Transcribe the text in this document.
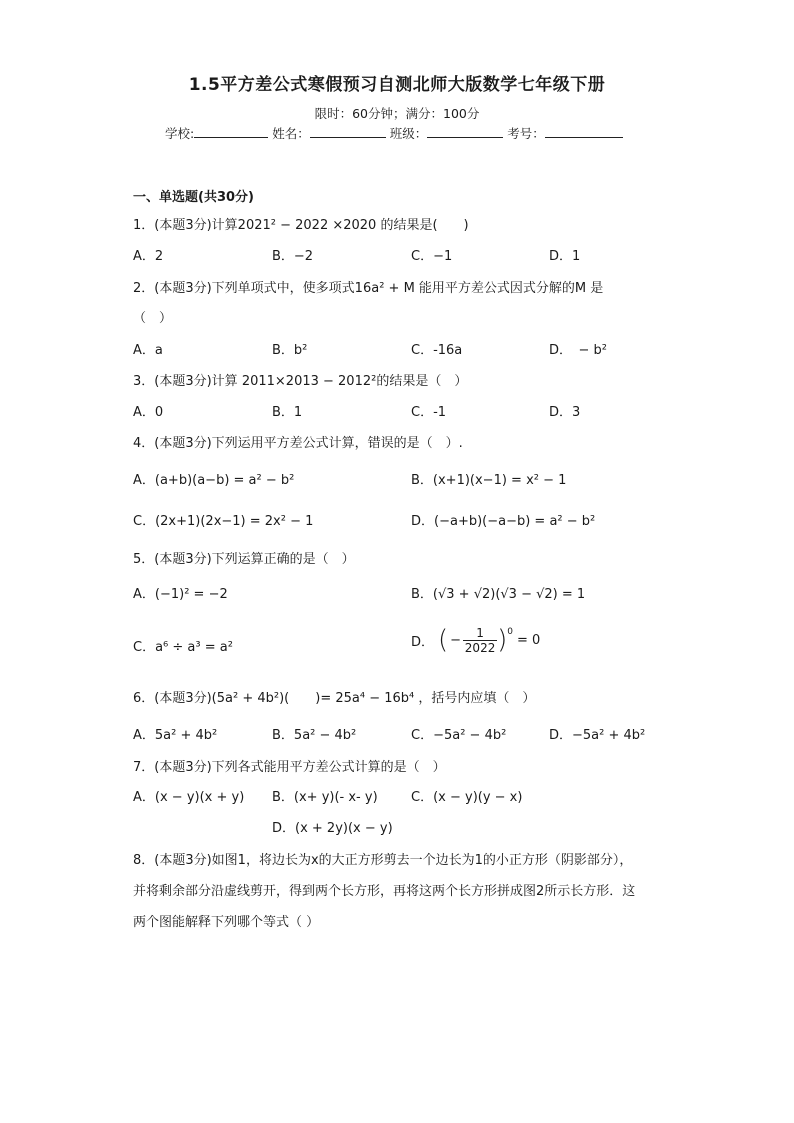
1.5平方差公式寒假预习自测北师大版数学七年级下册
限时：60分钟；满分：100分
学校:	姓名：	班级：	考号：
一、单选题(共30分)
1．(本题3分)计算2021² − 2022 ×2020 的结果是(　　)
A．2	B．−2	C．−1	D．1
2．(本题3分)下列单项式中，使多项式16a² + M 能用平方差公式因式分解的M 是
（　）
A．a	B．b²	C．-16a	D．　− b²
3．(本题3分)计算 2011×2013 − 2012²的结果是（　）
A．0	B．1	C．-1	D．3
4．(本题3分)下列运用平方差公式计算，错误的是（　）.
A．(a+b)(a−b) = a² − b²	B．(x+1)(x−1) = x² − 1
C．(2x+1)(2x−1) = 2x² − 1	D．(−a+b)(−a−b) = a² − b²
5．(本题3分)下列运算正确的是（　）
A．(−1)² = −2	B．(√3 + √2)(√3 − √2) = 1
C．a⁶ ÷ a³ = a²	D． ( − 1
2022 ) 0
= 0
6．(本题3分)(5a² + 4b²)(　　)= 25a⁴ − 16b⁴ ，括号内应填（　）
A．5a² + 4b²	B．5a² − 4b²	C．−5a² − 4b²	D．−5a² + 4b²
7．(本题3分)下列各式能用平方差公式计算的是（　）
A．(x − y)(x + y) B．(x+ y)(- x- y)	C．(x − y)(y − x)
D．(x + 2y)(x − y)
8．(本题3分)如图1，将边长为x的大正方形剪去一个边长为1的小正方形（阴影部分），
并将剩余部分沿虚线剪开，得到两个长方形，再将这两个长方形拼成图2所示长方形．这
两个图能解释下列哪个等式（ ）
